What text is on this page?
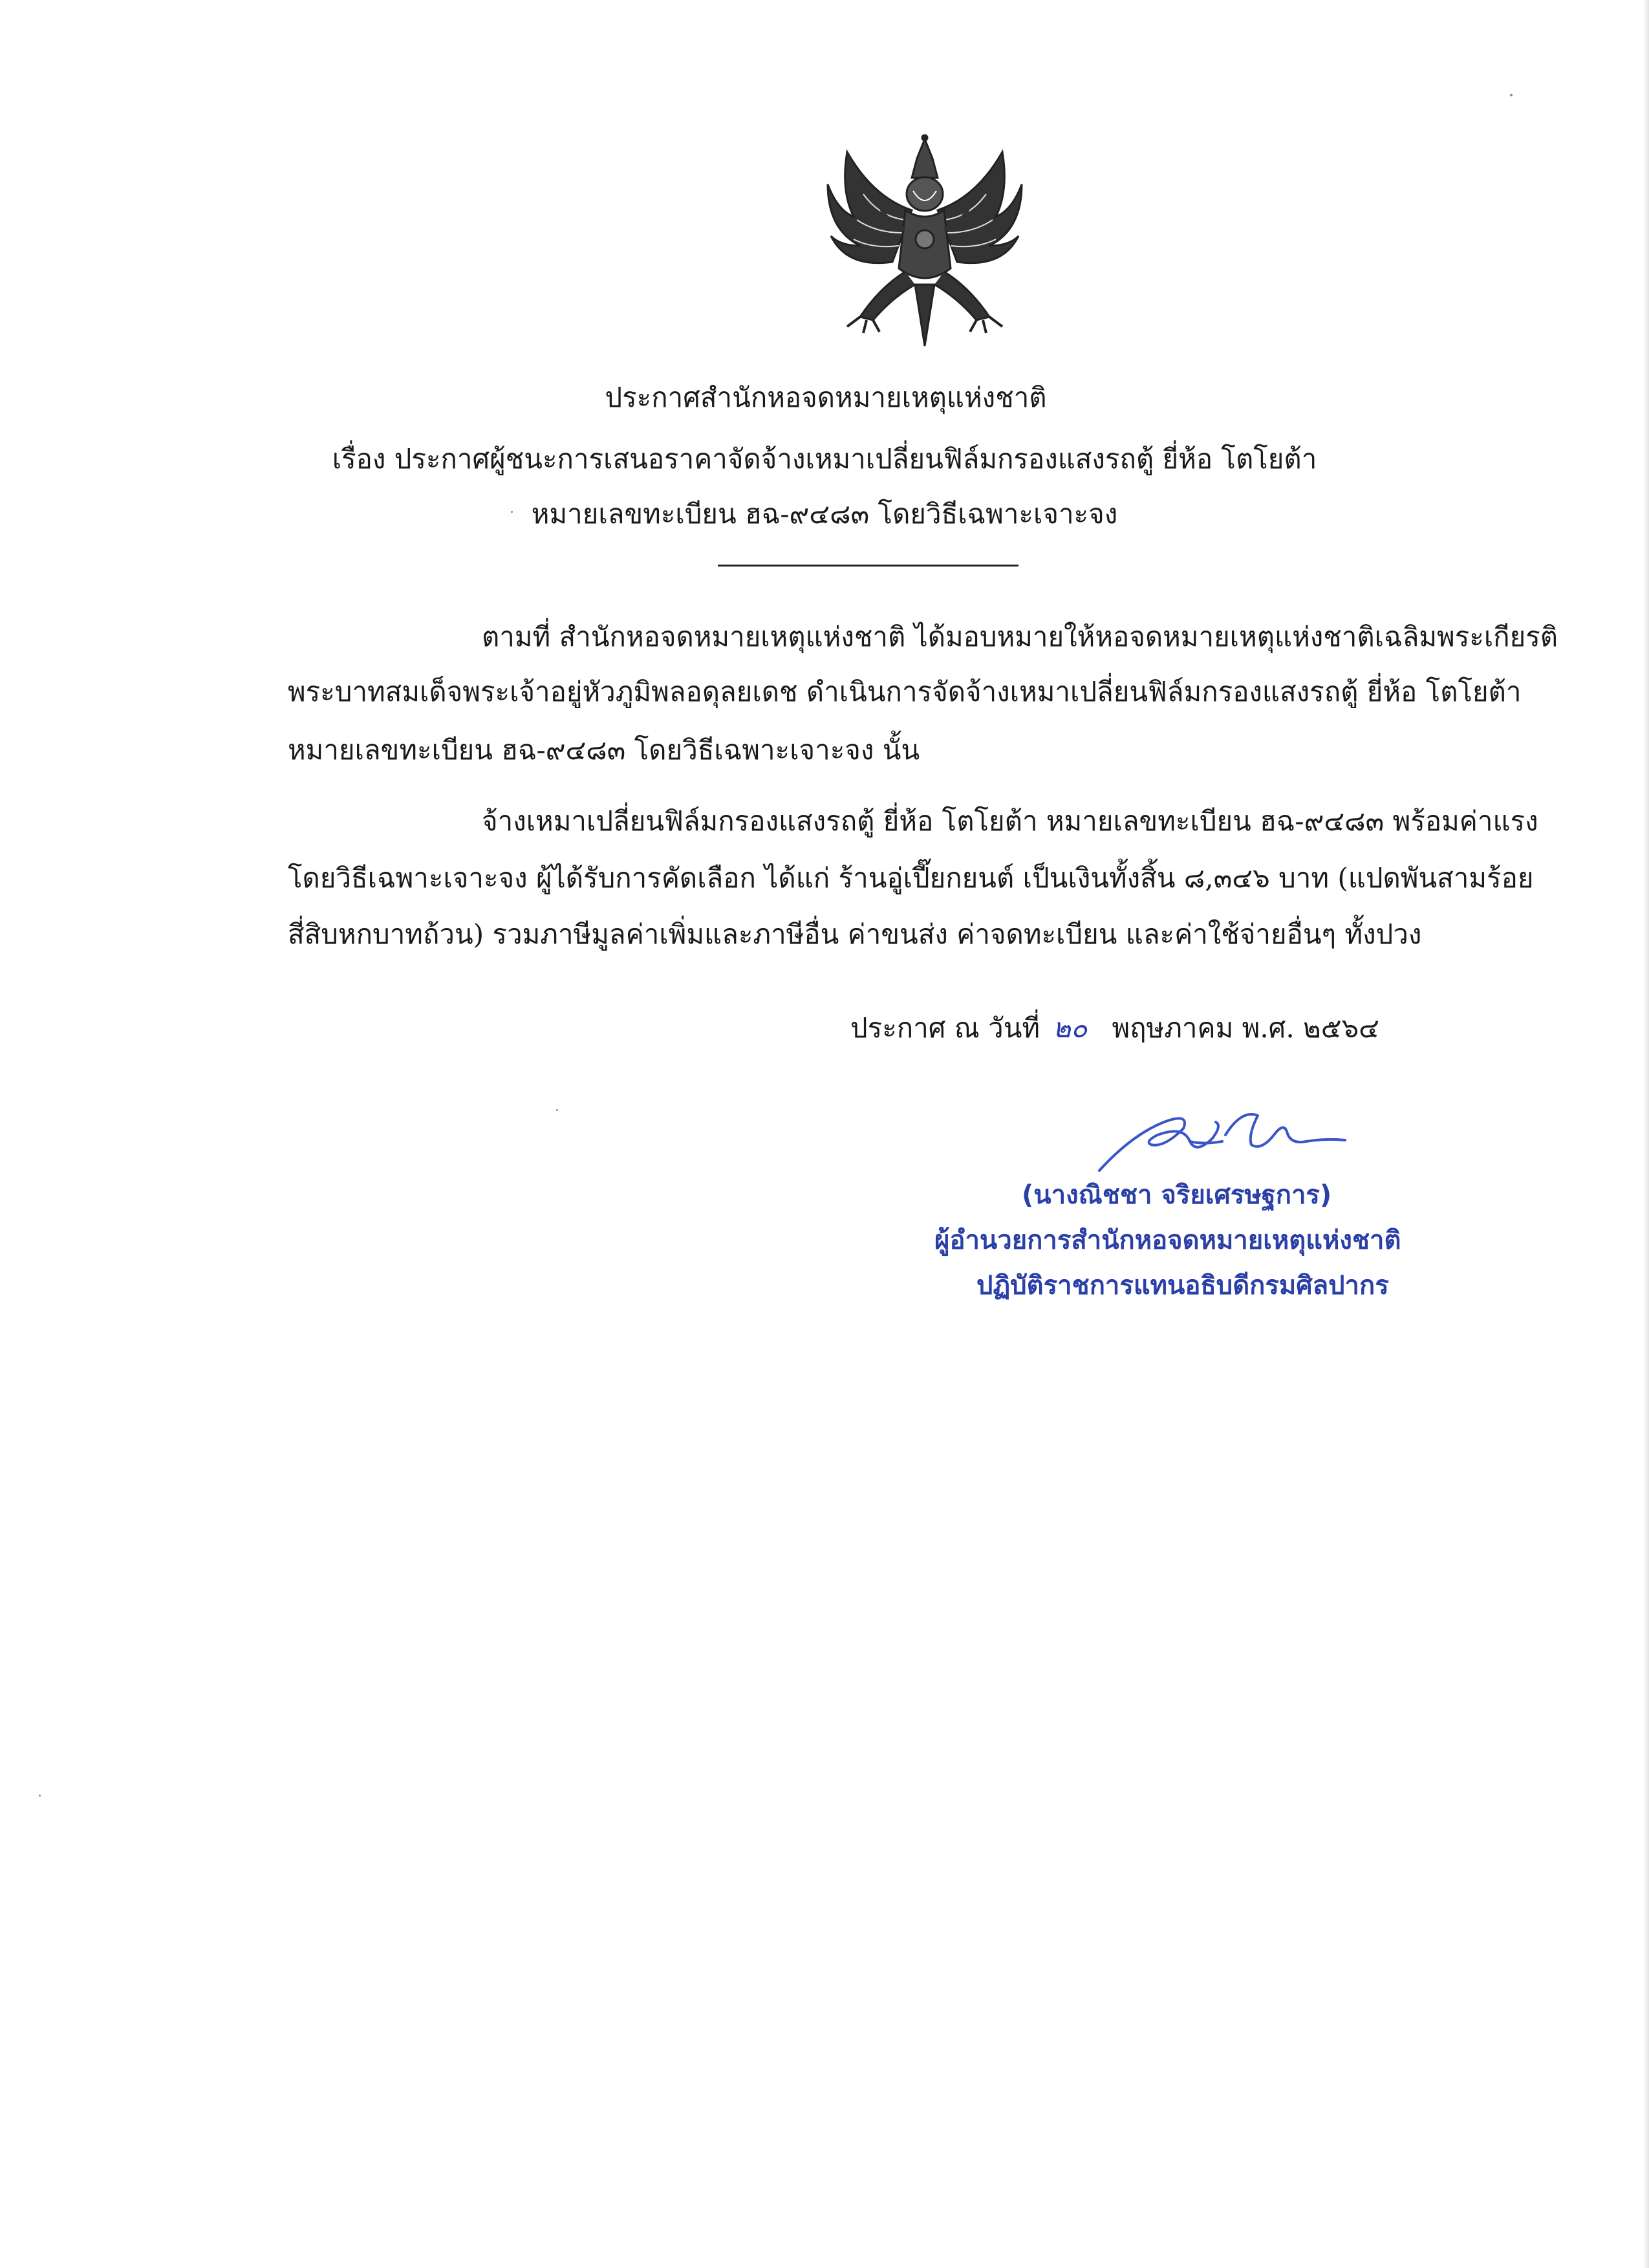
ประกาศสำนักหอจดหมายเหตุแห่งชาติ
เรื่อง ประกาศผู้ชนะการเสนอราคาจัดจ้างเหมาเปลี่ยนฟิล์มกรองแสงรถตู้ ยี่ห้อ โตโยต้า
หมายเลขทะเบียน ฮฉ-๙๔๘๓ โดยวิธีเฉพาะเจาะจง
ตามที่ สำนักหอจดหมายเหตุแห่งชาติ ได้มอบหมายให้หอจดหมายเหตุแห่งชาติเฉลิมพระเกียรติ
พระบาทสมเด็จพระเจ้าอยู่หัวภูมิพลอดุลยเดช ดำเนินการจัดจ้างเหมาเปลี่ยนฟิล์มกรองแสงรถตู้ ยี่ห้อ โตโยต้า
หมายเลขทะเบียน ฮฉ-๙๔๘๓ โดยวิธีเฉพาะเจาะจง นั้น
จ้างเหมาเปลี่ยนฟิล์มกรองแสงรถตู้ ยี่ห้อ โตโยต้า หมายเลขทะเบียน ฮฉ-๙๔๘๓ พร้อมค่าแรง
โดยวิธีเฉพาะเจาะจง ผู้ได้รับการคัดเลือก ได้แก่ ร้านอู่เปี๊ยกยนต์ เป็นเงินทั้งสิ้น ๘,๓๔๖ บาท (แปดพันสามร้อย
สี่สิบหกบาทถ้วน) รวมภาษีมูลค่าเพิ่มและภาษีอื่น ค่าขนส่ง ค่าจดทะเบียน และค่าใช้จ่ายอื่นๆ ทั้งปวง
ประกาศ ณ วันที่ ๒๐ พฤษภาคม พ.ศ. ๒๕๖๔
(นางณิชชา จริยเศรษฐการ)
ผู้อำนวยการสำนักหอจดหมายเหตุแห่งชาติ
ปฏิบัติราชการแทนอธิบดีกรมศิลปากร
